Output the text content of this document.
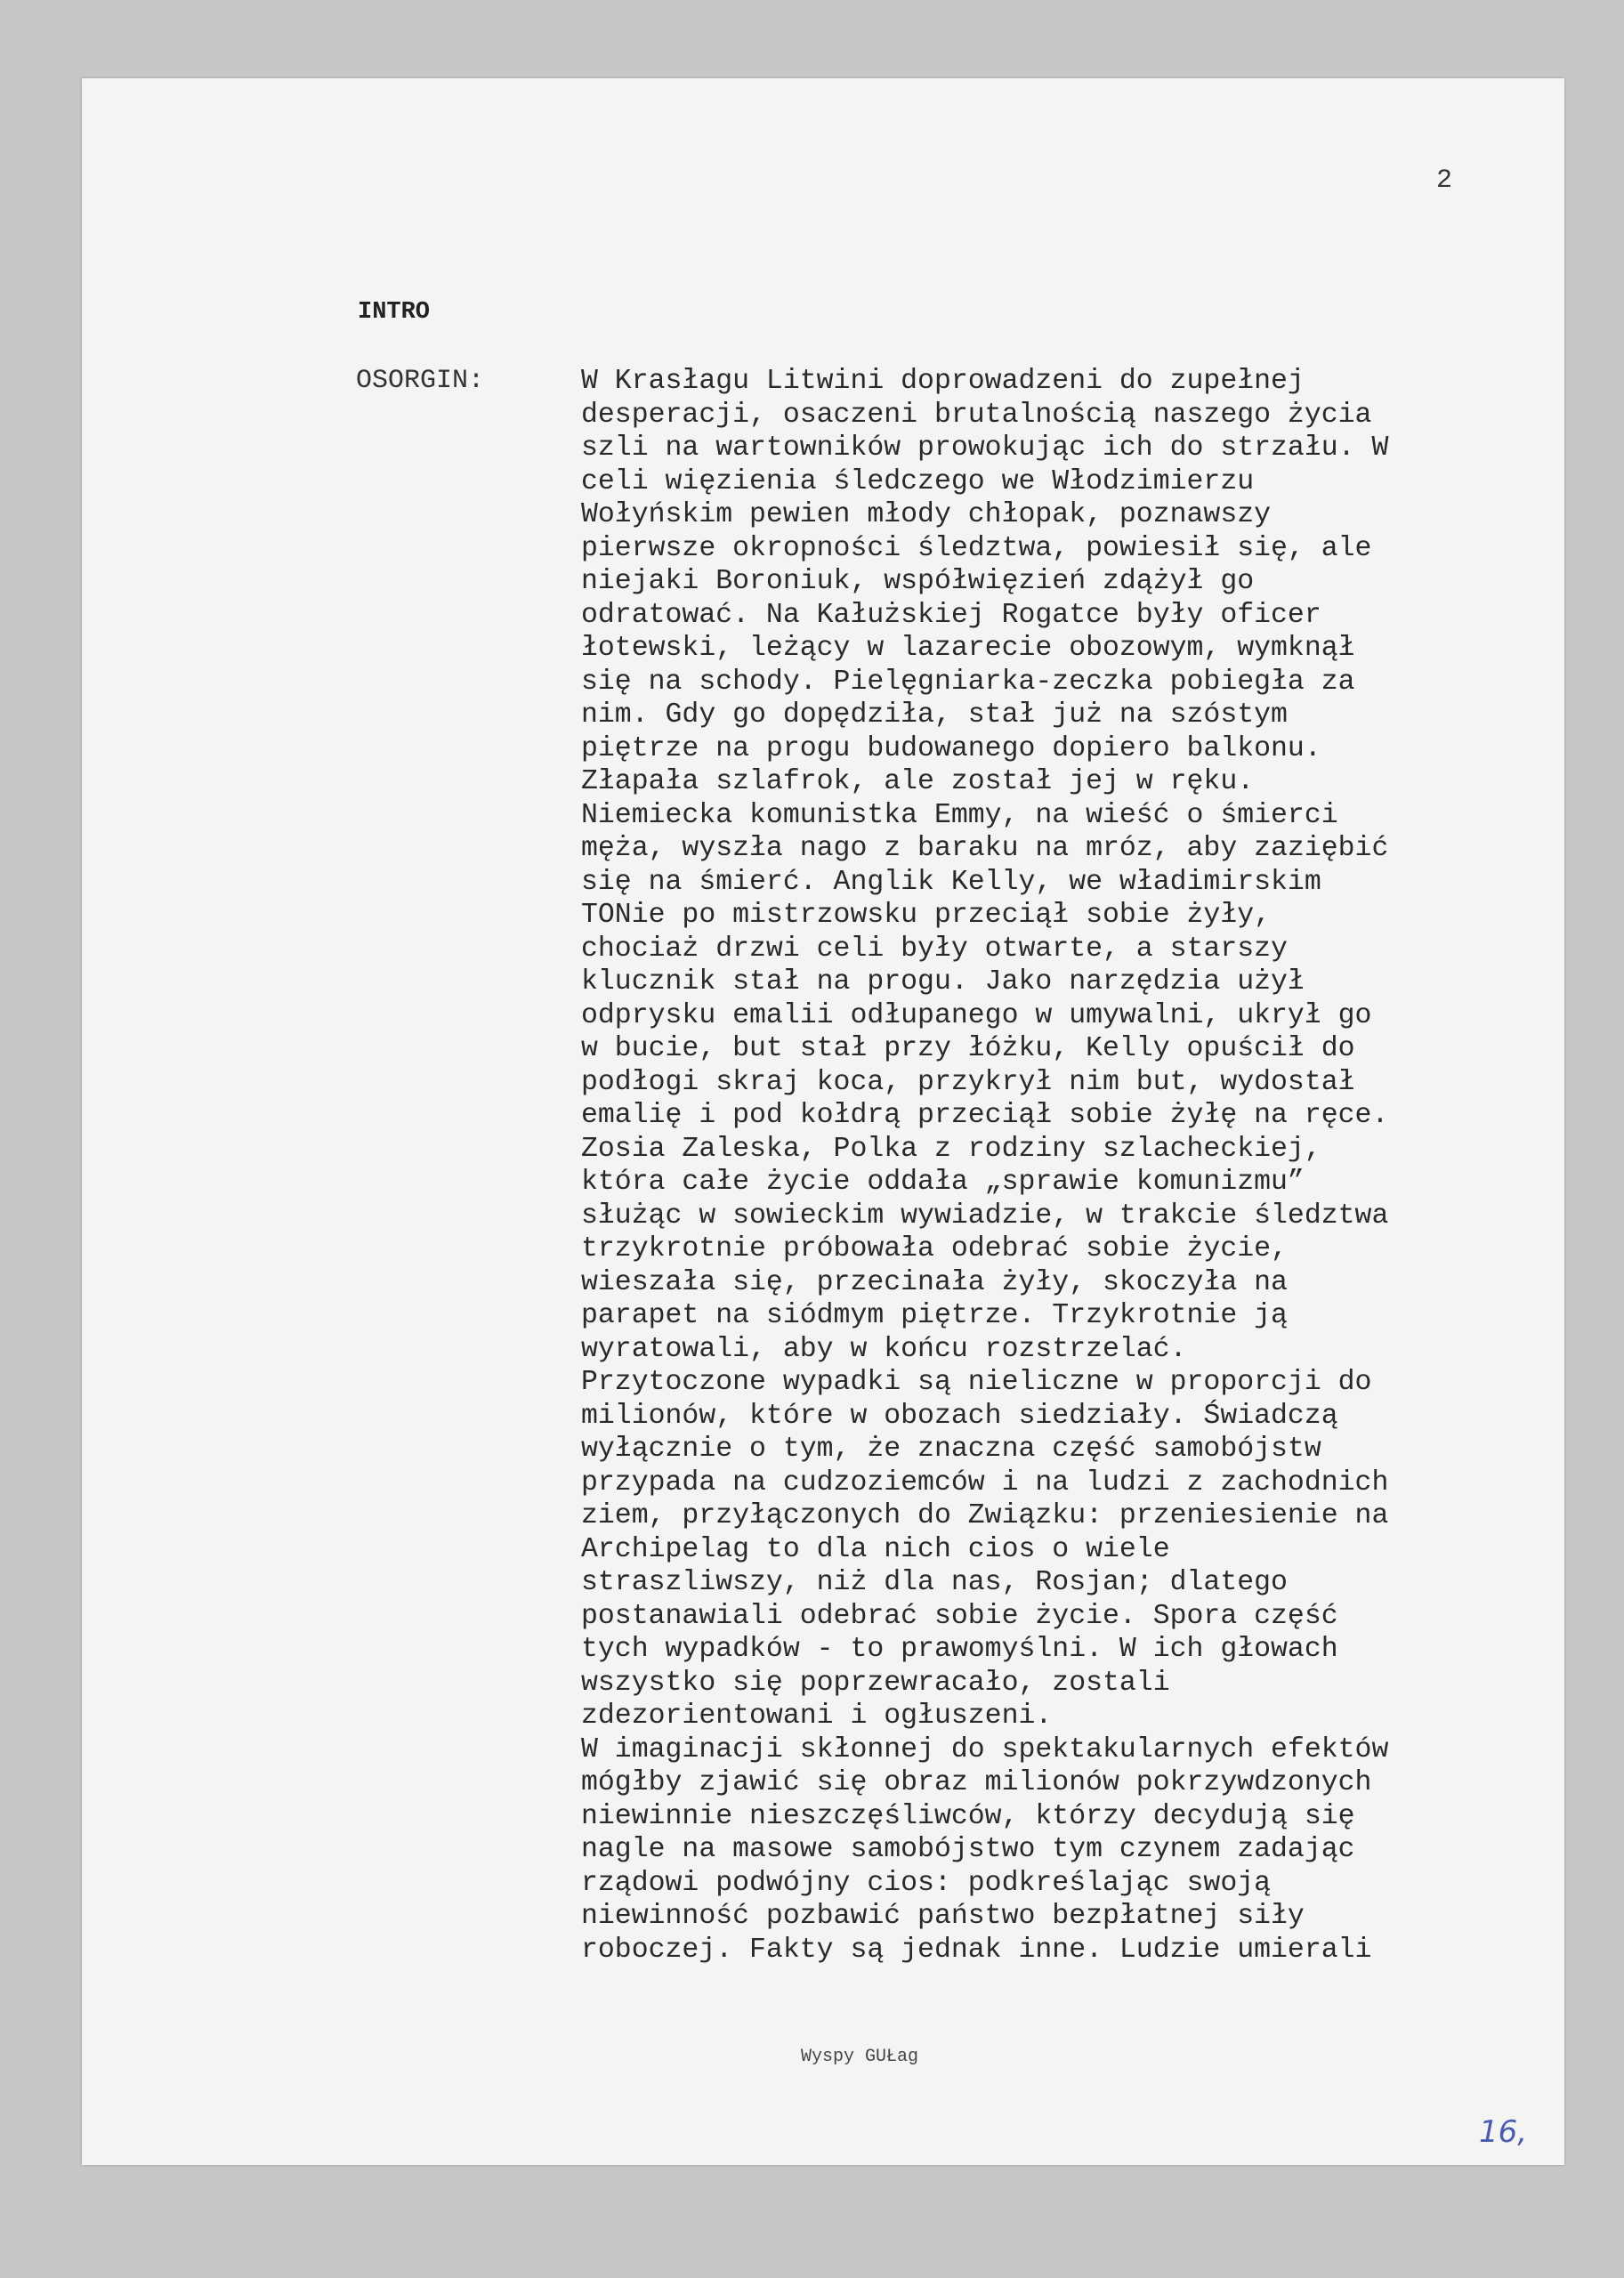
2
INTRO
OSORGIN:	W Krasłagu Litwini doprowadzeni do zupełnej
desperacji, osaczeni brutalnością naszego życia
szli na wartowników prowokując ich do strzału. W
celi więzienia śledczego we Włodzimierzu
Wołyńskim pewien młody chłopak, poznawszy
pierwsze okropności śledztwa, powiesił się, ale
niejaki Boroniuk, współwięzień zdążył go
odratować. Na Kałużskiej Rogatce były oficer
łotewski, leżący w lazarecie obozowym, wymknął
się na schody. Pielęgniarka-zeczka pobiegła za
nim. Gdy go dopędziła, stał już na szóstym
piętrze na progu budowanego dopiero balkonu.
Złapała szlafrok, ale został jej w ręku.
Niemiecka komunistka Emmy, na wieść o śmierci
męża, wyszła nago z baraku na mróz, aby zaziębić
się na śmierć. Anglik Kelly, we władimirskim
TONie po mistrzowsku przeciął sobie żyły,
chociaż drzwi celi były otwarte, a starszy
klucznik stał na progu. Jako narzędzia użył
odprysku emalii odłupanego w umywalni, ukrył go
w bucie, but stał przy łóżku, Kelly opuścił do
podłogi skraj koca, przykrył nim but, wydostał
emalię i pod kołdrą przeciął sobie żyłę na ręce.
Zosia Zaleska, Polka z rodziny szlacheckiej,
która całe życie oddała „sprawie komunizmu”
służąc w sowieckim wywiadzie, w trakcie śledztwa
trzykrotnie próbowała odebrać sobie życie,
wieszała się, przecinała żyły, skoczyła na
parapet na siódmym piętrze. Trzykrotnie ją
wyratowali, aby w końcu rozstrzelać.
Przytoczone wypadki są nieliczne w proporcji do
milionów, które w obozach siedziały. Świadczą
wyłącznie o tym, że znaczna część samobójstw
przypada na cudzoziemców i na ludzi z zachodnich
ziem, przyłączonych do Związku: przeniesienie na
Archipelag to dla nich cios o wiele
straszliwszy, niż dla nas, Rosjan; dlatego
postanawiali odebrać sobie życie. Spora część
tych wypadków - to prawomyślni. W ich głowach
wszystko się poprzewracało, zostali
zdezorientowani i ogłuszeni.
W imaginacji skłonnej do spektakularnych efektów
mógłby zjawić się obraz milionów pokrzywdzonych
niewinnie nieszczęśliwców, którzy decydują się
nagle na masowe samobójstwo tym czynem zadając
rządowi podwójny cios: podkreślając swoją
niewinność pozbawić państwo bezpłatnej siły
roboczej. Fakty są jednak inne. Ludzie umierali
Wyspy GUŁag
16,
